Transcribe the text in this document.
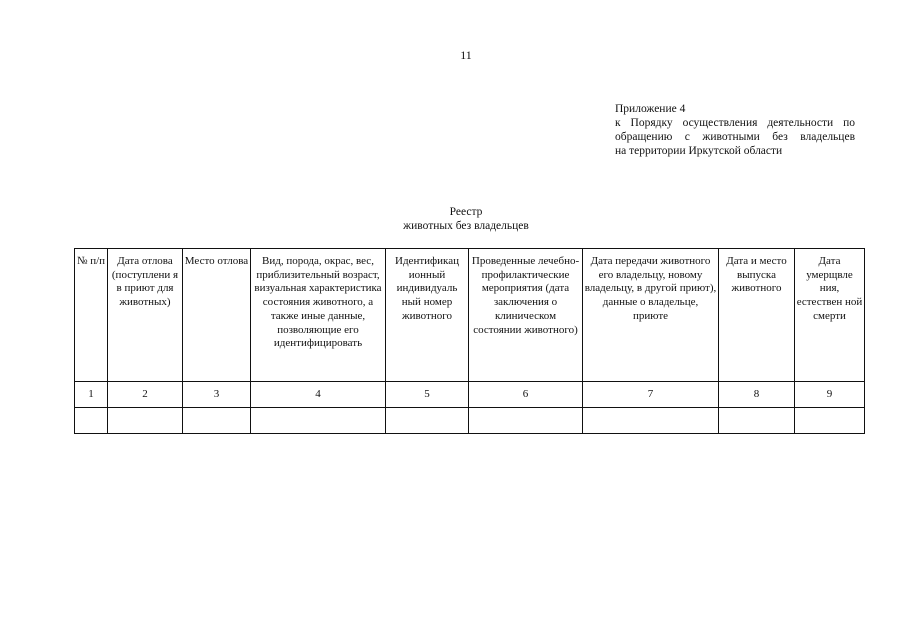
11
Приложение 4
к Порядку осуществления деятельности по
обращению с животными без владельцев
на территории Иркутской области
Реестр
животных без владельцев
№ п/п	Дата отлова (поступлени я в приют для животных)	Место отлова	Вид, порода, окрас, вес, приблизительный возраст, визуальная характеристика состояния животного, а также иные данные, позволяющие его идентифицировать	Идентификац ионный индивидуаль ный номер животного	Проведенные лечебно-профилактические мероприятия (дата заключения о клиническом состоянии животного)	Дата передачи животного его владельцу, новому владельцу, в другой приют), данные о владельце, приюте	Дата и место выпуска животного	Дата умерщвле ния, естествен ной смерти
1	2	3	4	5	6	7	8	9
